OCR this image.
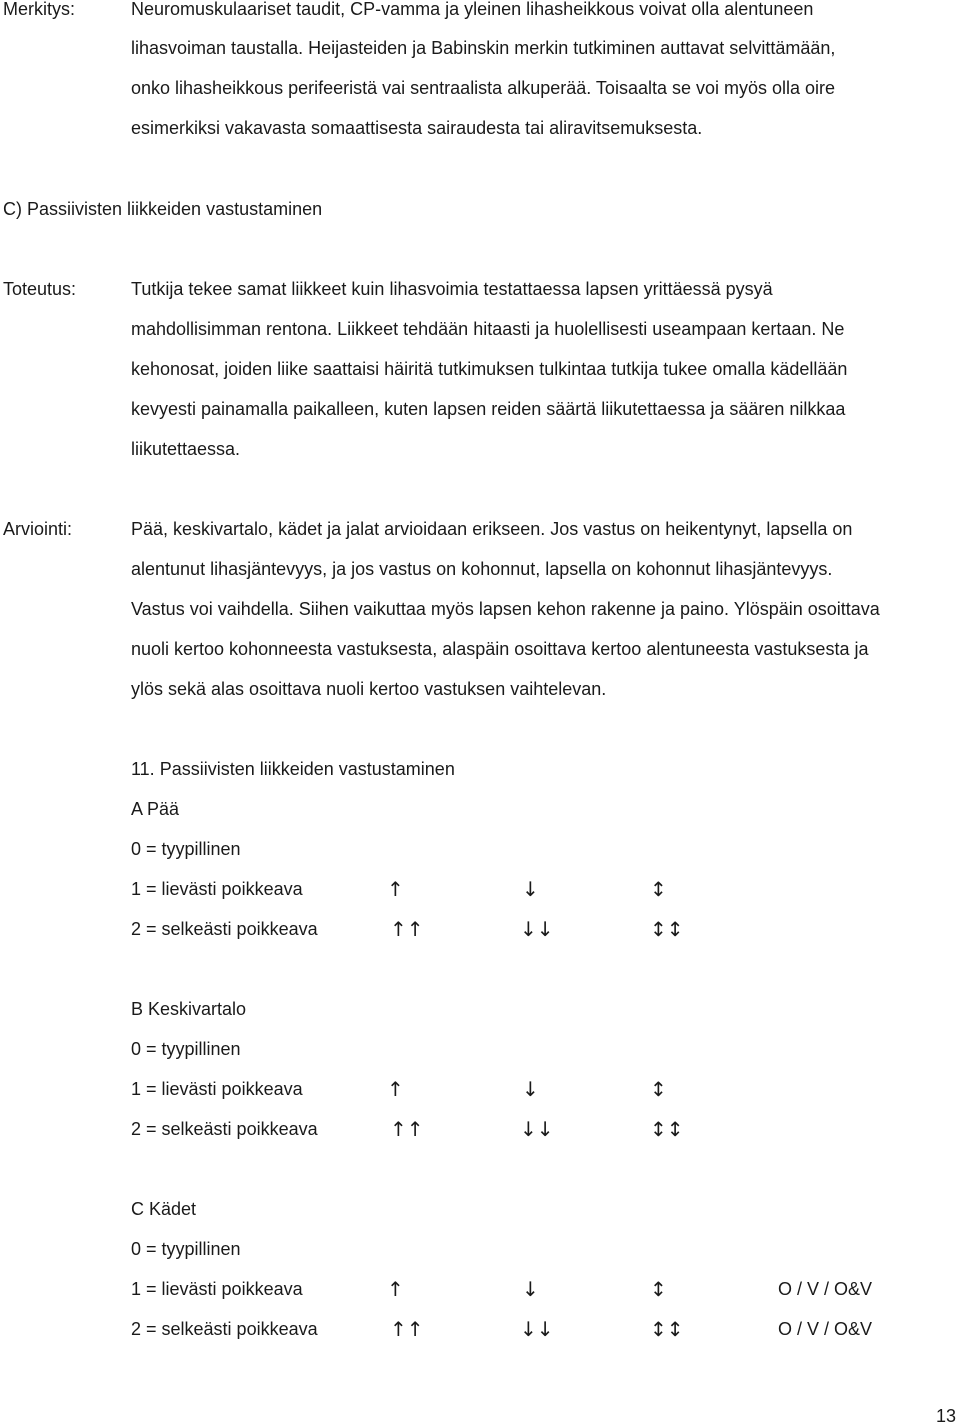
Merkitys:	Neuromuskulaariset taudit, CP-vamma ja yleinen lihasheikkous voivat olla alentuneen
lihasvoiman taustalla. Heijasteiden ja Babinskin merkin tutkiminen auttavat selvittämään,
onko lihasheikkous perifeeristä vai sentraalista alkuperää. Toisaalta se voi myös olla oire
esimerkiksi vakavasta somaattisesta sairaudesta tai aliravitsemuksesta.
C) Passiivisten liikkeiden vastustaminen
Toteutus:	Tutkija tekee samat liikkeet kuin lihasvoimia testattaessa lapsen yrittäessä pysyä
mahdollisimman rentona. Liikkeet tehdään hitaasti ja huolellisesti useampaan kertaan. Ne
kehonosat, joiden liike saattaisi häiritä tutkimuksen tulkintaa tutkija tukee omalla kädellään
kevyesti painamalla paikalleen, kuten lapsen reiden säärtä liikutettaessa ja säären nilkkaa
liikutettaessa.
Arviointi:	Pää, keskivartalo, kädet ja jalat arvioidaan erikseen. Jos vastus on heikentynyt, lapsella on
alentunut lihasjäntevyys, ja jos vastus on kohonnut, lapsella on kohonnut lihasjäntevyys.
Vastus voi vaihdella. Siihen vaikuttaa myös lapsen kehon rakenne ja paino. Ylöspäin osoittava
nuoli kertoo kohonneesta vastuksesta, alaspäin osoittava kertoo alentuneesta vastuksesta ja
ylös sekä alas osoittava nuoli kertoo vastuksen vaihtelevan.
11. Passiivisten liikkeiden vastustaminen
A Pää
0 = tyypillinen
1 = lievästi poikkeava	↑	↓	↕
2 = selkeästi poikkeava	↑↑	↓↓	↕↕
B Keskivartalo
0 = tyypillinen
1 = lievästi poikkeava	↑	↓	↕
2 = selkeästi poikkeava	↑↑	↓↓	↕↕
C Kädet
0 = tyypillinen
1 = lievästi poikkeava	↑	↓	↕	O / V / O&V
2 = selkeästi poikkeava	↑↑	↓↓	↕↕	O / V / O&V
13
